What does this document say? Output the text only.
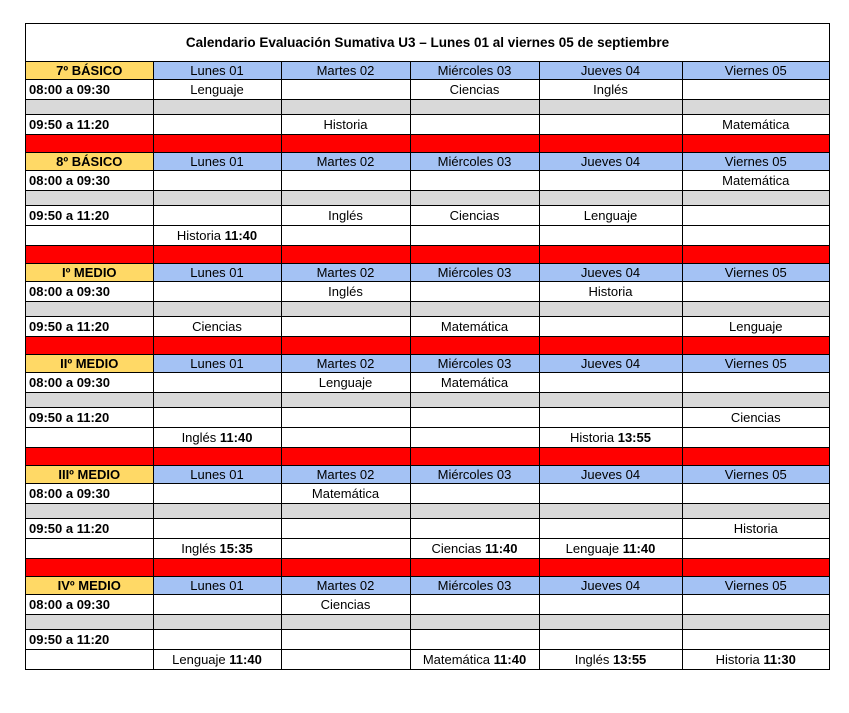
Calendario Evaluación Sumativa U3 – Lunes 01 al viernes 05 de septiembre
7º BÁSICO	Lunes 01	Martes 02	Miércoles 03	Jueves 04	Viernes 05
08:00 a 09:30	Lenguaje		Ciencias	Inglés	

09:50 a 11:20		Historia			Matemática

8º BÁSICO	Lunes 01	Martes 02	Miércoles 03	Jueves 04	Viernes 05
08:00 a 09:30					Matemática

09:50 a 11:20		Inglés	Ciencias	Lenguaje	
	Historia 11:40				

Iº MEDIO	Lunes 01	Martes 02	Miércoles 03	Jueves 04	Viernes 05
08:00 a 09:30		Inglés		Historia	

09:50 a 11:20	Ciencias		Matemática		Lenguaje

IIº MEDIO	Lunes 01	Martes 02	Miércoles 03	Jueves 04	Viernes 05
08:00 a 09:30		Lenguaje	Matemática		

09:50 a 11:20					Ciencias
	Inglés 11:40			Historia 13:55	

IIIº MEDIO	Lunes 01	Martes 02	Miércoles 03	Jueves 04	Viernes 05
08:00 a 09:30		Matemática			

09:50 a 11:20					Historia
	Inglés 15:35		Ciencias 11:40	Lenguaje 11:40	

IVº MEDIO	Lunes 01	Martes 02	Miércoles 03	Jueves 04	Viernes 05
08:00 a 09:30		Ciencias			

09:50 a 11:20					
	Lenguaje 11:40		Matemática 11:40	Inglés 13:55	Historia 11:30
